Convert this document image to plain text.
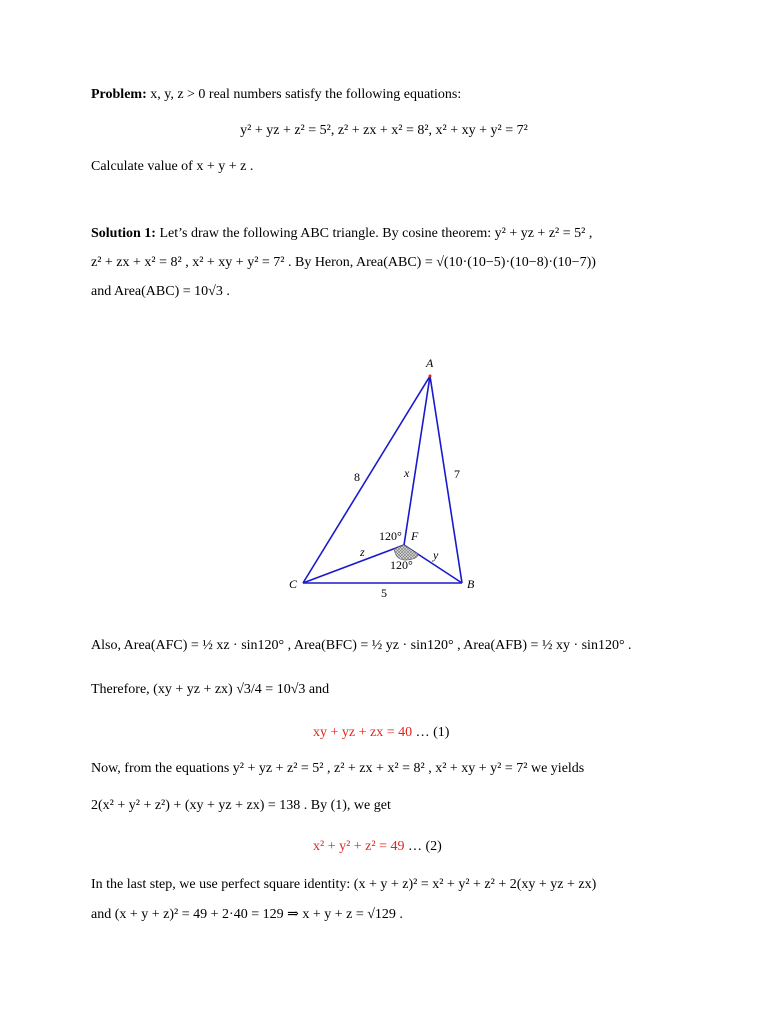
Problem: x, y, z > 0 real numbers satisfy the following equations:
y² + yz + z² = 5², z² + zx + x² = 8², x² + xy + y² = 7²
Calculate value of x + y + z .
Solution 1: Let’s draw the following ABC triangle. By cosine theorem: y² + yz + z² = 5² ,
z² + zx + x² = 8² , x² + xy + y² = 7² . By Heron, Area(ABC) = √(10·(10−5)·(10−8)·(10−7))
and Area(ABC) = 10√3 .
A
B
C
F
8	7
5
x
y
z
120°
120°
Also, Area(AFC) = ½ xz · sin120° , Area(BFC) = ½ yz · sin120° , Area(AFB) = ½ xy · sin120° .
Therefore, (xy + yz + zx) √3/4 = 10√3 and
xy + yz + zx = 40 … (1)
Now, from the equations y² + yz + z² = 5² , z² + zx + x² = 8² , x² + xy + y² = 7² we yields
2(x² + y² + z²) + (xy + yz + zx) = 138 . By (1), we get
x² + y² + z² = 49 … (2)
In the last step, we use perfect square identity: (x + y + z)² = x² + y² + z² + 2(xy + yz + zx)
and (x + y + z)² = 49 + 2·40 = 129 ⇒ x + y + z = √129 .
